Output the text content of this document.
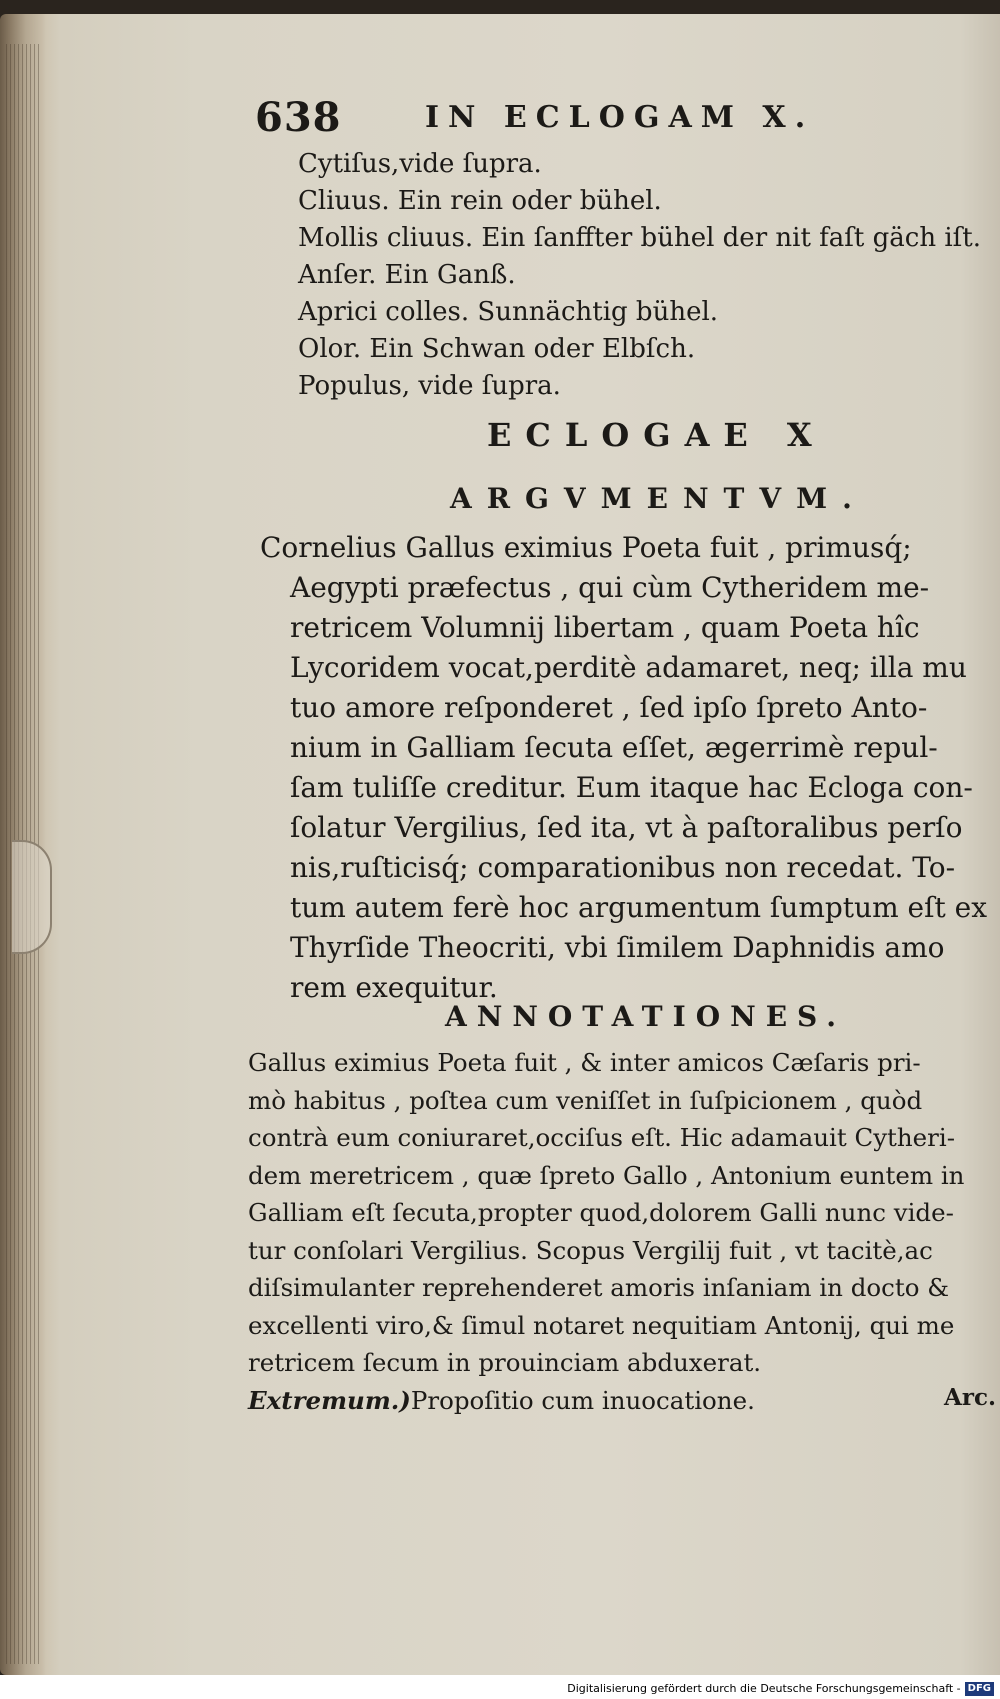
638	IN ECLOGAM X.
Cytiſus,vide ſupra.
Cliuus. Ein rein oder bühel.
Mollis cliuus. Ein ſanffter bühel der nit faſt gäch iſt.
Anſer. Ein Ganß.
Aprici colles. Sunnächtig bühel.
Olor. Ein Schwan oder Elbſch.
Populus, vide ſupra.
ECLOGAE X
ARGVMENTVM.
Cornelius Gallus eximius Poeta fuit , primusq́;
Aegypti præfectus , qui cùm Cytheridem me-
retricem Volumnij libertam , quam Poeta hîc
Lycoridem vocat,perditè adamaret, neq; illa mu
tuo amore reſponderet , ſed ipſo ſpreto Anto-
nium in Galliam ſecuta eſſet, ægerrimè repul-
ſam tuliſſe creditur. Eum itaque hac Ecloga con-
ſolatur Vergilius, ſed ita, vt à paſtoralibus perſo
nis,ruſticisq́; comparationibus non recedat. To-
tum autem ferè hoc argumentum ſumptum eſt ex
Thyrſide Theocriti, vbi ſimilem Daphnidis amo
rem exequitur.
ANNOTATIONES.
Gallus eximius Poeta fuit , & inter amicos Cæſaris pri-
mò habitus , poſtea cum veniſſet in ſuſpicionem , quòd
contrà eum coniuraret,occiſus eſt. Hic adamauit Cytheri-
dem meretricem , quæ ſpreto Gallo , Antonium euntem in
Galliam eſt ſecuta,propter quod,dolorem Galli nunc vide-
tur conſolari Vergilius. Scopus Vergilij fuit , vt tacitè,ac
diſsimulanter reprehenderet amoris inſaniam in docto &
excellenti viro,& ſimul notaret nequitiam Antonij, qui me
retricem ſecum in prouinciam abduxerat.
Extremum.)Propoſitio cum inuocatione.	Arc.
Digitalisierung gefördert durch die Deutsche Forschungsgemeinschaft - DFG
